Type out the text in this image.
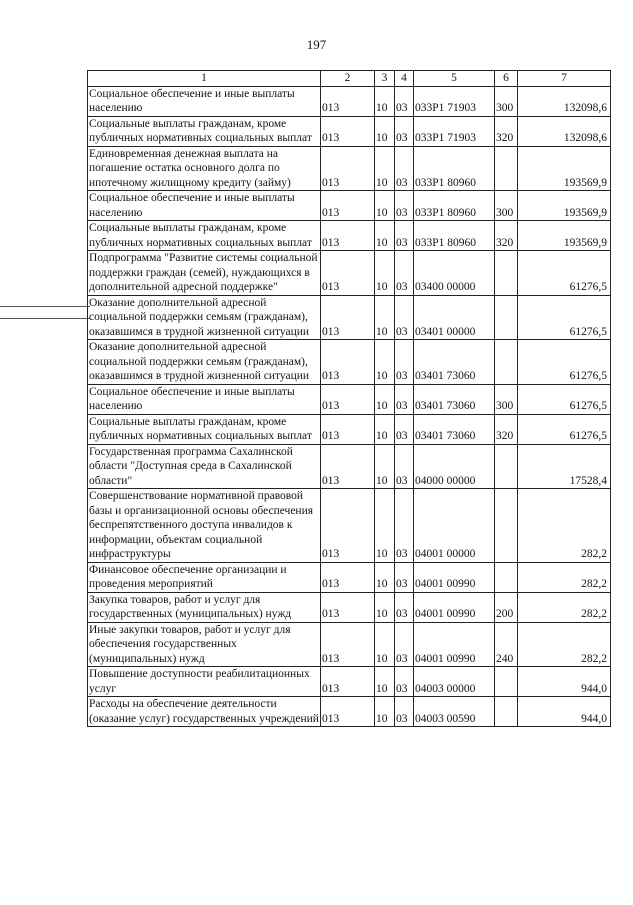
197
1	2	3	4	5	6	7
Социальное обеспечение и иные выплаты населению	013	10	03	033P1 71903	300	132098,6
Социальные выплаты гражданам, кроме публичных нормативных социальных выплат	013	10	03	033P1 71903	320	132098,6
Единовременная денежная выплата на погашение остатка основного долга по ипотечному жилищному кредиту (займу)	013	10	03	033P1 80960		193569,9
Социальное обеспечение и иные выплаты населению	013	10	03	033P1 80960	300	193569,9
Социальные выплаты гражданам, кроме публичных нормативных социальных выплат	013	10	03	033P1 80960	320	193569,9
Подпрограмма "Развитие системы социальной поддержки граждан (семей), нуждающихся в дополнительной адресной поддержке"	013	10	03	03400 00000		61276,5
Оказание дополнительной адресной социальной поддержки семьям (гражданам), оказавшимся в трудной жизненной ситуации	013	10	03	03401 00000		61276,5
Оказание дополнительной адресной социальной поддержки семьям (гражданам), оказавшимся в трудной жизненной ситуации	013	10	03	03401 73060		61276,5
Социальное обеспечение и иные выплаты населению	013	10	03	03401 73060	300	61276,5
Социальные выплаты гражданам, кроме публичных нормативных социальных выплат	013	10	03	03401 73060	320	61276,5
Государственная программа Сахалинской области "Доступная среда в Сахалинской области"	013	10	03	04000 00000		17528,4
Совершенствование нормативной правовой базы и организационной основы обеспечения беспрепятственного доступа инвалидов к информации, объектам социальной инфраструктуры	013	10	03	04001 00000		282,2
Финансовое обеспечение организации и проведения мероприятий	013	10	03	04001 00990		282,2
Закупка товаров, работ и услуг для государственных (муниципальных) нужд	013	10	03	04001 00990	200	282,2
Иные закупки товаров, работ и услуг для обеспечения государственных (муниципальных) нужд	013	10	03	04001 00990	240	282,2
Повышение доступности реабилитационных услуг	013	10	03	04003 00000		944,0
Расходы на обеспечение деятельности (оказание услуг) государственных учреждений	013	10	03	04003 00590		944,0
